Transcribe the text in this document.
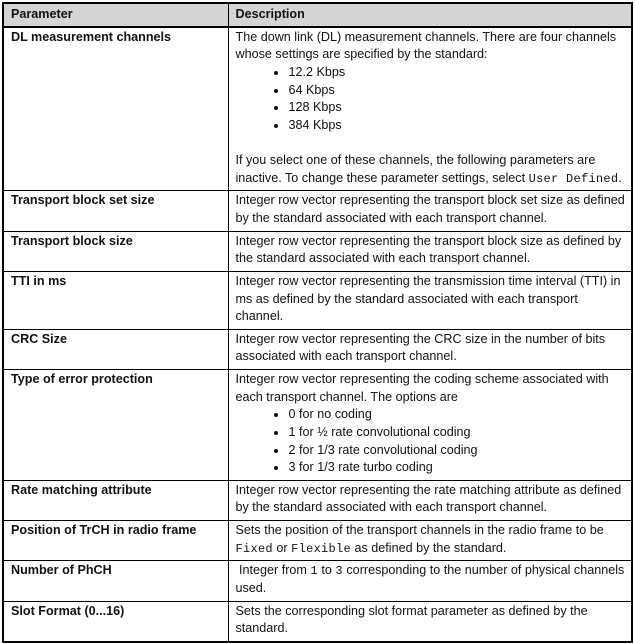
Parameter	Description
DL measurement channels	The down link (DL) measurement channels. There are four channels whose settings are specified by the standard:
• 12.2 Kbps
• 64 Kbps
• 128 Kbps
• 384 Kbps
If you select one of these channels, the following parameters are inactive. To change these parameter settings, select User Defined.

Transport block set size	Integer row vector representing the transport block set size as defined by the standard associated with each transport channel.

Transport block size	Integer row vector representing the transport block size as defined by the standard associated with each transport channel.

TTI in ms	Integer row vector representing the transmission time interval (TTI) in ms as defined by the standard associated with each transport channel.

CRC Size	Integer row vector representing the CRC size in the number of bits associated with each transport channel.

Type of error protection	Integer row vector representing the coding scheme associated with each transport channel. The options are
• 0 for no coding
• 1 for ½ rate convolutional coding
• 2 for 1/3 rate convolutional coding
• 3 for 1/3 rate turbo coding

Rate matching attribute	Integer row vector representing the rate matching attribute as defined by the standard associated with each transport channel.

Position of TrCH in radio frame	Sets the position of the transport channels in the radio frame to be Fixed or Flexible as defined by the standard.

Number of PhCH	Integer from 1 to 3 corresponding to the number of physical channels used.

Slot Format (0...16)	Sets the corresponding slot format parameter as defined by the standard.
